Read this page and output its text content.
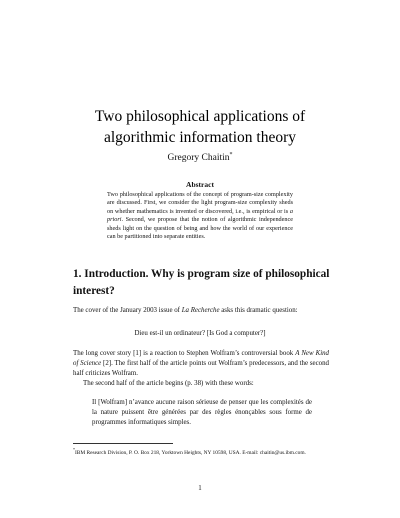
Two philosophical applications of
algorithmic information theory
Gregory Chaitin*
Abstract
Two philosophical applications of the concept of program-size complexity are discussed. First, we consider the light program-size complexity sheds on whether mathematics is invented or discovered, i.e., is empirical or is a priori. Second, we propose that the notion of algorithmic independence sheds light on the question of being and how the world of our experience can be partitioned into separate entities.
1. Introduction. Why is program size of philosophical interest?
The cover of the January 2003 issue of La Recherche asks this dramatic question:
Dieu est-il un ordinateur? [Is God a computer?]
The long cover story [1] is a reaction to Stephen Wolfram’s controversial book A New Kind of Science [2]. The first half of the article points out Wolfram’s predecessors, and the second half criticizes Wolfram.
The second half of the article begins (p. 38) with these words:
Il [Wolfram] n’avance aucune raison sérieuse de penser que les complexités de la nature puissent être générées par des règles énonçables sous forme de programmes informatiques simples.
*IBM Research Division, P. O. Box 218, Yorktown Heights, NY 10598, USA. E-mail: chaitin@us.ibm.com.
1
